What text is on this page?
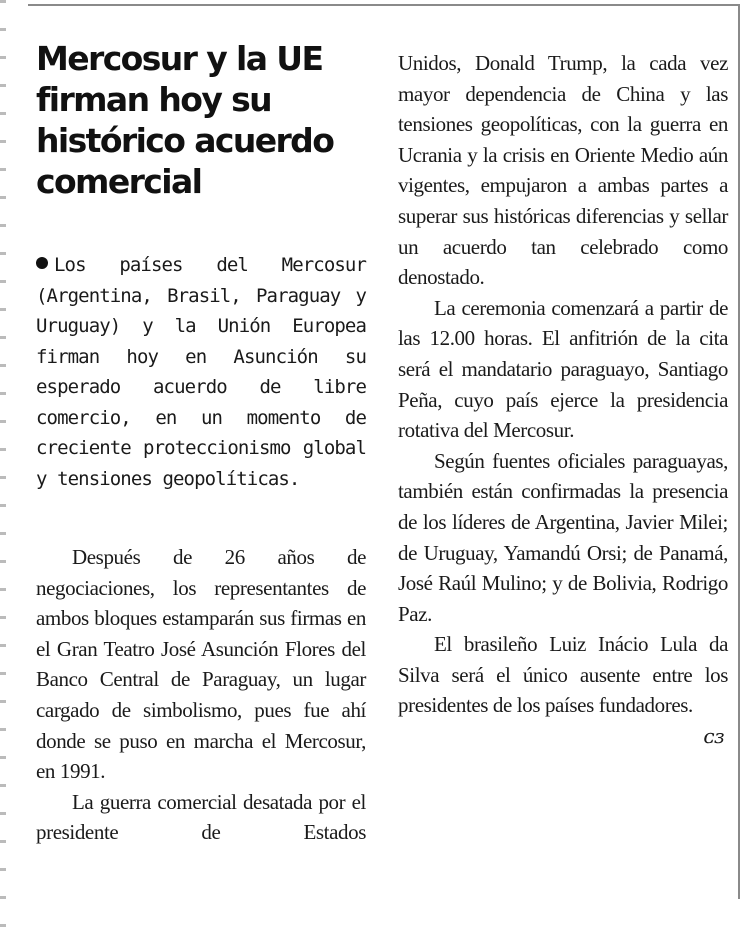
Mercosur y la UE firman hoy su histórico acuerdo comercial

Los países del Mercosur (Argentina, Brasil, Paraguay y Uruguay) y la Unión Europea firman hoy en Asunción su esperado acuerdo de libre comercio, en un momento de creciente proteccionismo global y tensiones geopolíticas.

Después de 26 años de negociaciones, los representantes de ambos bloques estamparán sus firmas en el Gran Teatro José Asunción Flores del Banco Central de Paraguay, un lugar cargado de simbolismo, pues fue ahí donde se puso en marcha el Mercosur, en 1991.

La guerra comercial desatada por el presidente de Estados

Unidos, Donald Trump, la cada vez mayor dependencia de China y las tensiones geopolíticas, con la guerra en Ucrania y la crisis en Oriente Medio aún vigentes, empujaron a ambas partes a superar sus históricas diferencias y sellar un acuerdo tan celebrado como denostado.

La ceremonia comenzará a partir de las 12.00 horas. El anfitrión de la cita será el mandatario paraguayo, Santiago Peña, cuyo país ejerce la presidencia rotativa del Mercosur.

Según fuentes oficiales paraguayas, también están confirmadas la presencia de los líderes de Argentina, Javier Milei; de Uruguay, Yamandú Orsi; de Panamá, José Raúl Mulino; y de Bolivia, Rodrigo Paz.

El brasileño Luiz Inácio Lula da Silva será el único ausente entre los presidentes de los países fundadores.
ᴄɜ
